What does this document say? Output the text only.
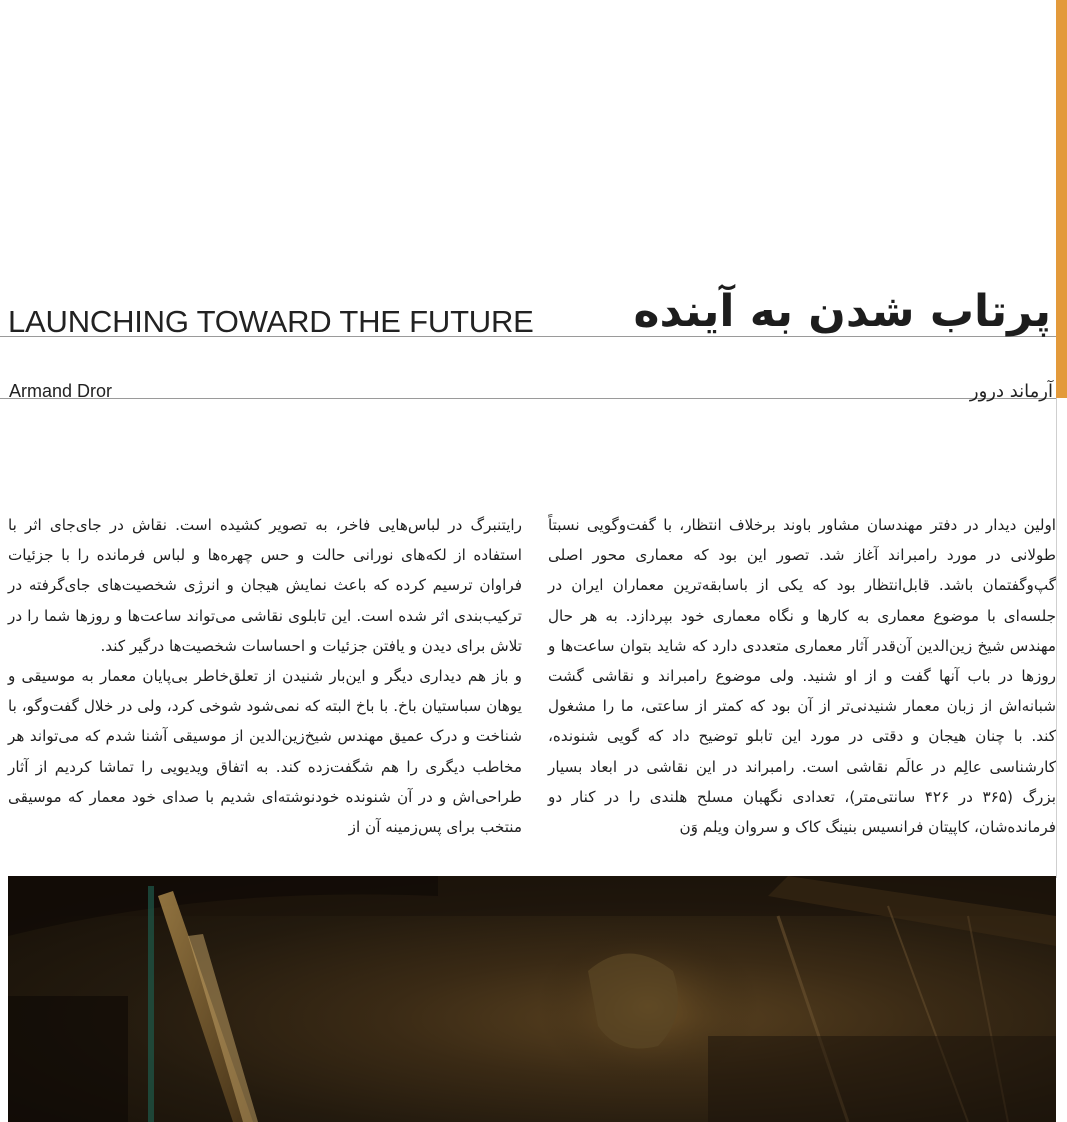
LAUNCHING TOWARD THE FUTURE پرتاب شدن به آینده
Armand Dror	آرماند درور

اولین دیدار در دفتر مهندسان مشاور باوند برخلاف انتظار، با گفت‌وگویی نسبتاً طولانی در مورد رامبراند آغاز شد. تصور این بود که معماری محور اصلی گپ‌وگفتمان باشد. قابل‌انتظار بود که یکی از باسابقه‌ترین معماران ایران در جلسه‌ای با موضوع معماری به کارها و نگاه معماری خود بپردازد. به هر حال مهندس شیخ زین‌الدین آن‌قدر آثار معماری متعددی دارد که شاید بتوان ساعت‌ها و روزها در باب آنها گفت و از او شنید. ولی موضوع رامبراند و نقاشی گشت شبانه‌اش از زبان معمار شنیدنی‌تر از آن بود که کمتر از ساعتی، ما را مشغول کند. با چنان هیجان و دقتی در مورد این تابلو توضیح داد که گویی شنونده، کارشناسی عالِم در عالَم نقاشی است. رامبراند در این نقاشی در ابعاد بسیار بزرگ (۳۶۵ در ۴۲۶ سانتی‌متر)، تعدادی نگهبان مسلح هلندی را در کنار دو فرمانده‌شان، کاپیتان فرانسیس بنینگ کاک و سروان ویلم وَن

رایتنبرگ در لباس‌هایی فاخر، به تصویر کشیده است. نقاش در جای‌جای اثر با استفاده از لکه‌های نورانی حالت و حس چهره‌ها و لباس فرمانده را با جزئیات فراوان ترسیم کرده که باعث نمایش هیجان و انرژی شخصیت‌های جای‌گرفته در ترکیب‌بندی اثر شده است. این تابلوی نقاشی می‌تواند ساعت‌ها و روزها شما را در تلاش برای دیدن و یافتن جزئیات و احساسات شخصیت‌ها درگیر کند.

و باز هم دیداری دیگر و این‌بار شنیدن از تعلق‌خاطر بی‌پایان معمار به موسیقی و یوهان سباستیان باخ. با باخ البته که نمی‌شود شوخی کرد، ولی در خلال گفت‌وگو، با شناخت و درک عمیق مهندس شیخ‌زین‌الدین از موسیقی آشنا شدم که می‌تواند هر مخاطب دیگری را هم شگفت‌زده کند. به اتفاق ویدیویی را تماشا کردیم از آثار طراحی‌اش و در آن شنونده خودنوشته‌ای شدیم با صدای خود معمار که موسیقی منتخب برای پس‌زمینه آن از
